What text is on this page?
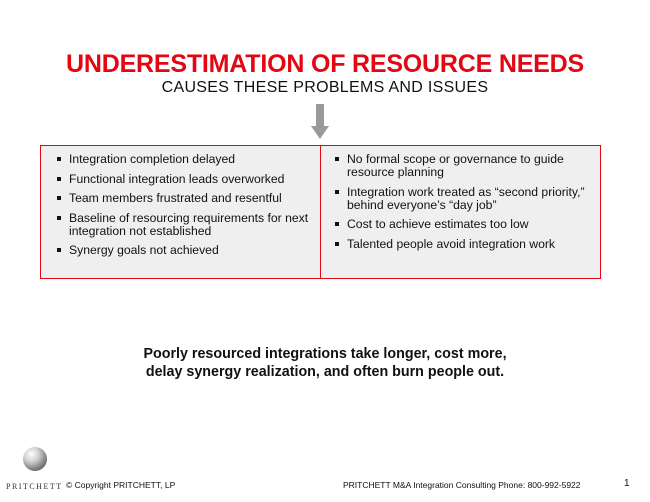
UNDERESTIMATION OF RESOURCE NEEDS
CAUSES THESE PROBLEMS AND ISSUES
Integration completion delayed
Functional integration leads overworked
Team members frustrated and resentful
Baseline of resourcing requirements for next integration not established
Synergy goals not achieved
No formal scope or governance to guide resource planning
Integration work treated as “second priority,” behind everyone’s “day job”
Cost to achieve estimates too low
Talented people avoid integration work
Poorly resourced integrations take longer, cost more,
delay synergy realization, and often burn people out.
PRITCHETT © Copyright PRITCHETT, LP	PRITCHETT M&A Integration Consulting Phone: 800-992-5922	1
